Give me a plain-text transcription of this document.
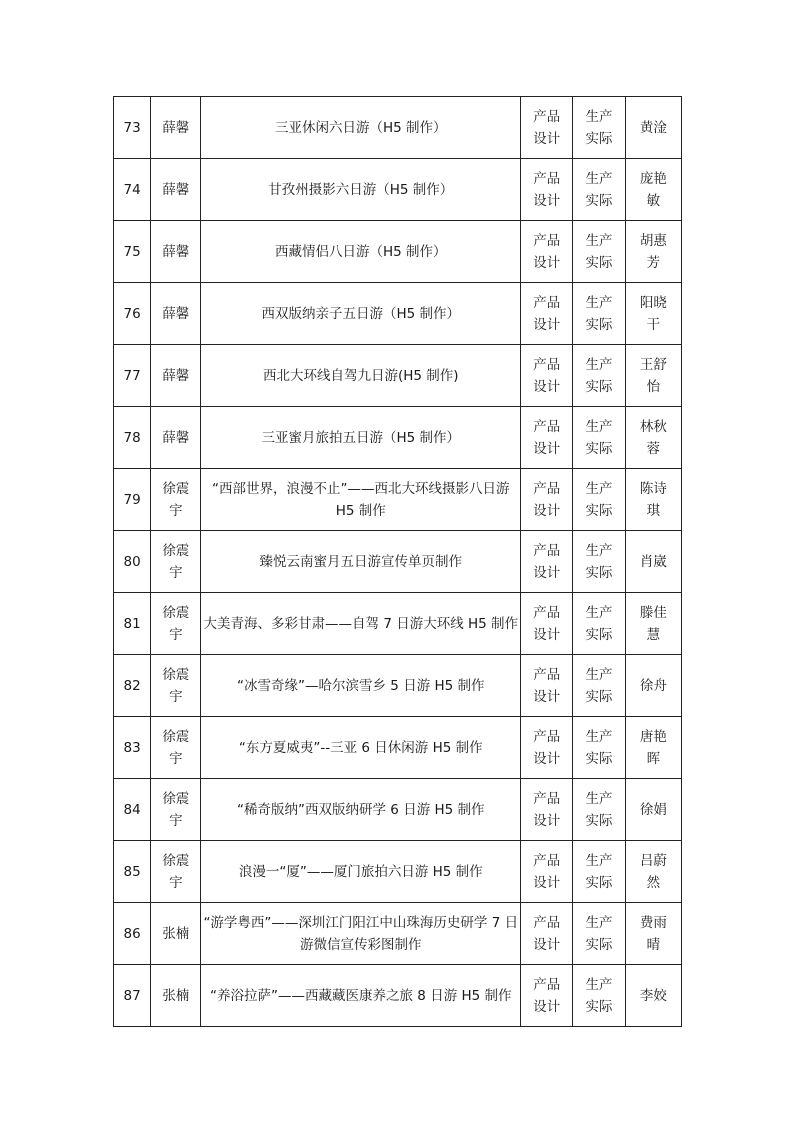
73	薛馨	三亚休闲六日游（H5 制作）	产品设计	生产实际	黄淦
74	薛馨	甘孜州摄影六日游（H5 制作）	产品设计	生产实际	庞艳敏
75	薛馨	西藏情侣八日游（H5 制作）	产品设计	生产实际	胡惠芳
76	薛馨	西双版纳亲子五日游（H5 制作）	产品设计	生产实际	阳晓干
77	薛馨	西北大环线自驾九日游(H5 制作)	产品设计	生产实际	王舒怡
78	薛馨	三亚蜜月旅拍五日游（H5 制作）	产品设计	生产实际	林秋蓉
79	徐震宇	“西部世界，浪漫不止”——西北大环线摄影八日游 H5 制作	产品设计	生产实际	陈诗琪
80	徐震宇	臻悦云南蜜月五日游宣传单页制作	产品设计	生产实际	肖崴
81	徐震宇	大美青海、多彩甘肃——自驾 7 日游大环线 H5 制作	产品设计	生产实际	滕佳慧
82	徐震宇	“冰雪奇缘”—哈尔滨雪乡 5 日游 H5 制作	产品设计	生产实际	徐舟
83	徐震宇	“东方夏威夷”--三亚 6 日休闲游 H5 制作	产品设计	生产实际	唐艳晖
84	徐震宇	“稀奇版纳”西双版纳研学 6 日游 H5 制作	产品设计	生产实际	徐娟
85	徐震宇	浪漫一“厦”——厦门旅拍六日游 H5 制作	产品设计	生产实际	吕蔚然
86	张楠	“游学粤西”——深圳江门阳江中山珠海历史研学 7 日游微信宣传彩图制作	产品设计	生产实际	费雨晴
87	张楠	“养浴拉萨”——西藏藏医康养之旅 8 日游 H5 制作	产品设计	生产实际	李姣
